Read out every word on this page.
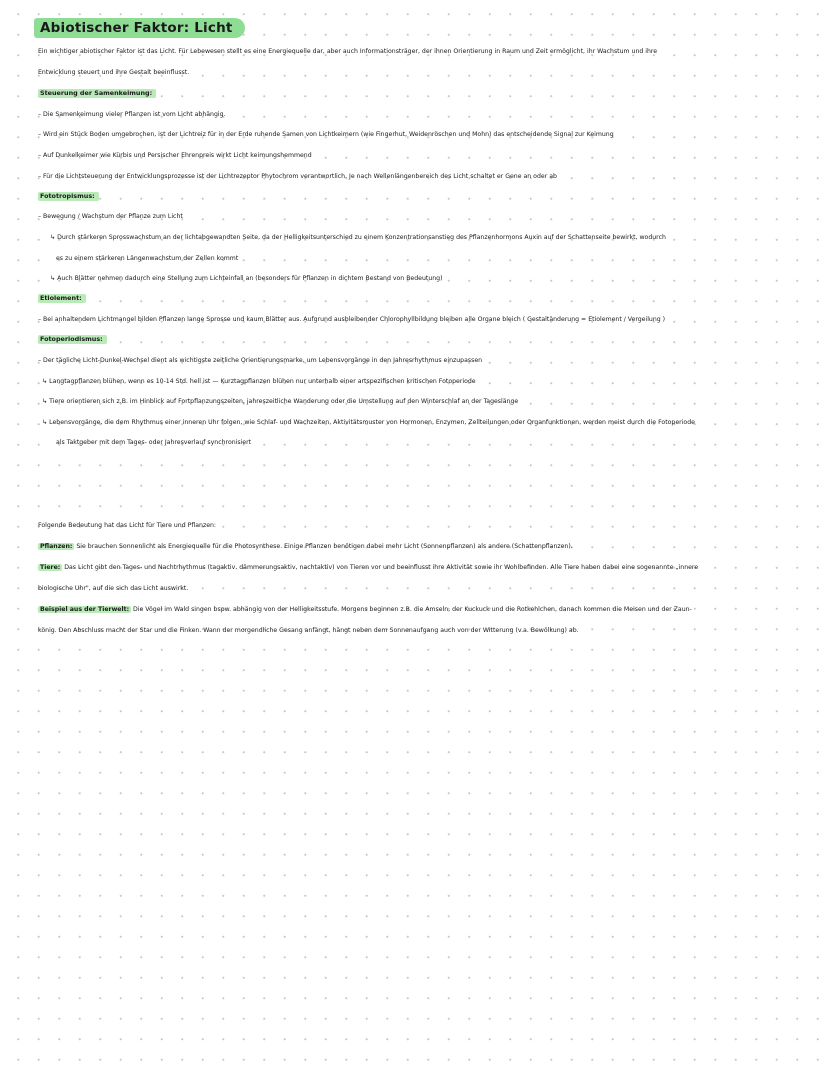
Abiotischer Faktor: Licht
Ein wichtiger abiotischer Faktor ist das Licht. Für Lebewesen stellt es eine Energiequelle dar, aber auch Informationsträger, der ihnen Orientierung in Raum und Zeit ermöglicht, ihr Wachstum und ihre
Entwicklung steuert und ihre Gestalt beeinflusst.
Steuerung der Samenkeimung:
– Die Samenkeimung vieler Pflanzen ist vom Licht abhängig.
– Wird ein Stück Boden umgebrochen, ist der Lichtreiz für in der Erde ruhende Samen von Lichtkeimern (wie Fingerhut, Weidenröschen und Mohn) das entscheidende Signal zur Keimung
– Auf Dunkelkeimer wie Kürbis und Persischer Ehrenpreis wirkt Licht keimungshemmend
– Für die Lichtsteuerung der Entwicklungsprozesse ist der Lichtrezeptor Phytochrom verantwortlich. Je nach Wellenlängenbereich des Licht schaltet er Gene an oder ab
Fototropismus:
– Bewegung / Wachstum der Pflanze zum Licht
↳ Durch stärkeren Sprosswachstum an der lichtabgewandten Seite, da der Helligkeitsunterschied zu einem Konzentrationsanstieg des Pflanzenhormons Auxin auf der Schattenseite bewirkt, wodurch
es zu einem stärkeren Längenwachstum der Zellen kommt
↳ Auch Blätter nehmen dadurch eine Stellung zum Lichteinfall an (besonders für Pflanzen in dichtem Bestand von Bedeutung)
Etiolement:
– Bei anhaltendem Lichtmangel bilden Pflanzen lange Sprosse und kaum Blätter aus. Aufgrund ausbleibender Chlorophyllbildung bleiben alle Organe bleich ( Gestaltänderung = Etiolement / Vergeilung )
Fotoperiodismus:
– Der tägliche Licht-Dunkel-Wechsel dient als wichtigste zeitliche Orientierungsmarke, um Lebensvorgänge in den Jahresrhythmus einzupassen
↳ Langtagpflanzen blühen, wenn es 10-14 Std. hell ist — Kurztagpflanzen blühen nur unterhalb einer artspezifischen kritischen Fotoperiode
↳ Tiere orientieren sich z.B. im Hinblick auf Fortpflanzungszeiten, jahreszeitliche Wanderung oder die Umstellung auf den Winterschlaf an der Tageslänge
↳ Lebensvorgänge, die dem Rhythmus einer inneren Uhr folgen, wie Schlaf- und Wachzeiten, Aktivitätsmuster von Hormonen, Enzymen, Zellteilungen oder Organfunktionen, werden meist durch die Fotoperiode
als Taktgeber mit dem Tages- oder Jahresverlauf synchronisiert
Folgende Bedeutung hat das Licht für Tiere und Pflanzen:
Pflanzen: Sie brauchen Sonnenlicht als Energiequelle für die Photosynthese. Einige Pflanzen benötigen dabei mehr Licht (Sonnenpflanzen) als andere (Schattenpflanzen).
Tiere: Das Licht gibt den Tages- und Nachtrhythmus (tagaktiv, dämmerungsaktiv, nachtaktiv) von Tieren vor und beeinflusst ihre Aktivität sowie ihr Wohlbefinden. Alle Tiere haben dabei eine sogenannte „innere
biologische Uhr", auf die sich das Licht auswirkt.
Beispiel aus der Tierwelt: Die Vögel im Wald singen bspw. abhängig von der Helligkeitsstufe. Morgens beginnen z.B. die Amseln, der Kuckuck und die Rotkehlchen, danach kommen die Meisen und der Zaun-
könig. Den Abschluss macht der Star und die Finken. Wann der morgendliche Gesang anfängt, hängt neben dem Sonnenaufgang auch von der Witterung (v.a. Bewölkung) ab.
